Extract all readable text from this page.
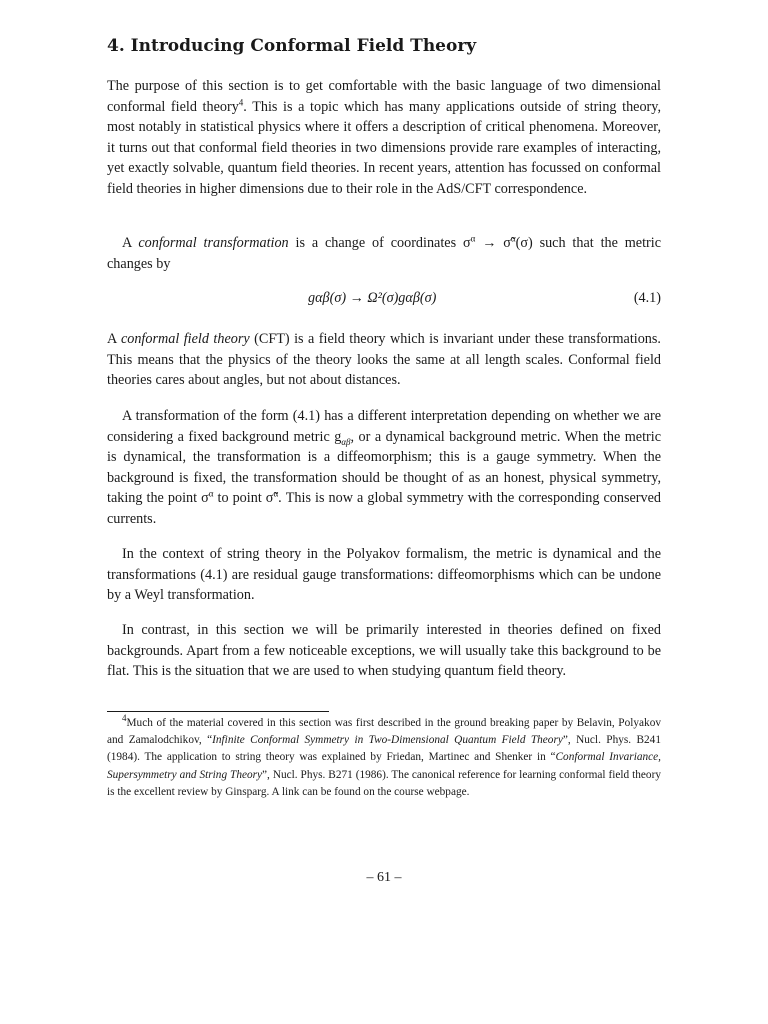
4. Introducing Conformal Field Theory

The purpose of this section is to get comfortable with the basic language of two dimensional conformal field theory$^4$. This is a topic which has many applications outside of string theory, most notably in statistical physics where it offers a description of critical phenomena. Moreover, it turns out that conformal field theories in two dimensions provide rare examples of interacting, yet exactly solvable, quantum field theories. In recent years, attention has focussed on conformal field theories in higher dimensions due to their role in the AdS/CFT correspondence.

A conformal transformation is a change of coordinates $\sigma^\alpha$ → σ̃$^\alpha$(σ) such that the metric changes by

gαβ(σ) → Ω²(σ)gαβ(σ)	(4.1)

A conformal field theory (CFT) is a field theory which is invariant under these transformations. This means that the physics of the theory looks the same at all length scales. Conformal field theories cares about angles, but not about distances.

A transformation of the form (4.1) has a different interpretation depending on whether we are considering a fixed background metric $g_{\alpha\beta}$, or a dynamical background metric. When the metric is dynamical, the transformation is a diffeomorphism; this is a gauge symmetry. When the background is fixed, the transformation should be thought of as an honest, physical symmetry, taking the point $\sigma^\alpha$ to point σ̃$^\alpha$. This is now a global symmetry with the corresponding conserved currents.

In the context of string theory in the Polyakov formalism, the metric is dynamical and the transformations (4.1) are residual gauge transformations: diffeomorphisms which can be undone by a Weyl transformation.

In contrast, in this section we will be primarily interested in theories defined on fixed backgrounds. Apart from a few noticeable exceptions, we will usually take this background to be flat. This is the situation that we are used to when studying quantum field theory.

$^4$Much of the material covered in this section was first described in the ground breaking paper by Belavin, Polyakov and Zamalodchikov, “Infinite Conformal Symmetry in Two-Dimensional Quantum Field Theory”, Nucl. Phys. B241 (1984). The application to string theory was explained by Friedan, Martinec and Shenker in “Conformal Invariance, Supersymmetry and String Theory”, Nucl. Phys. B271 (1986). The canonical reference for learning conformal field theory is the excellent review by Ginsparg. A link can be found on the course webpage.

– 61 –
